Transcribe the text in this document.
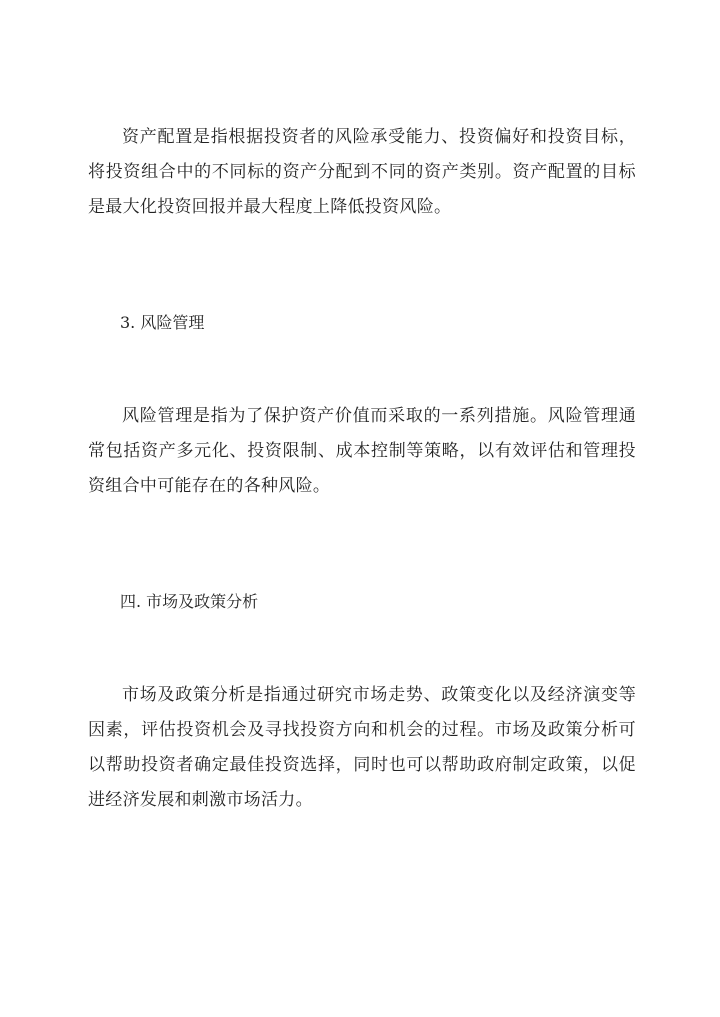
资产配置是指根据投资者的风险承受能力、投资偏好和投资目标，将投资组合中的不同标的资产分配到不同的资产类别。资产配置的目标是最大化投资回报并最大程度上降低投资风险。

3. 风险管理

风险管理是指为了保护资产价值而采取的一系列措施。风险管理通常包括资产多元化、投资限制、成本控制等策略，以有效评估和管理投资组合中可能存在的各种风险。

四. 市场及政策分析

市场及政策分析是指通过研究市场走势、政策变化以及经济演变等因素，评估投资机会及寻找投资方向和机会的过程。市场及政策分析可以帮助投资者确定最佳投资选择，同时也可以帮助政府制定政策，以促进经济发展和刺激市场活力。
